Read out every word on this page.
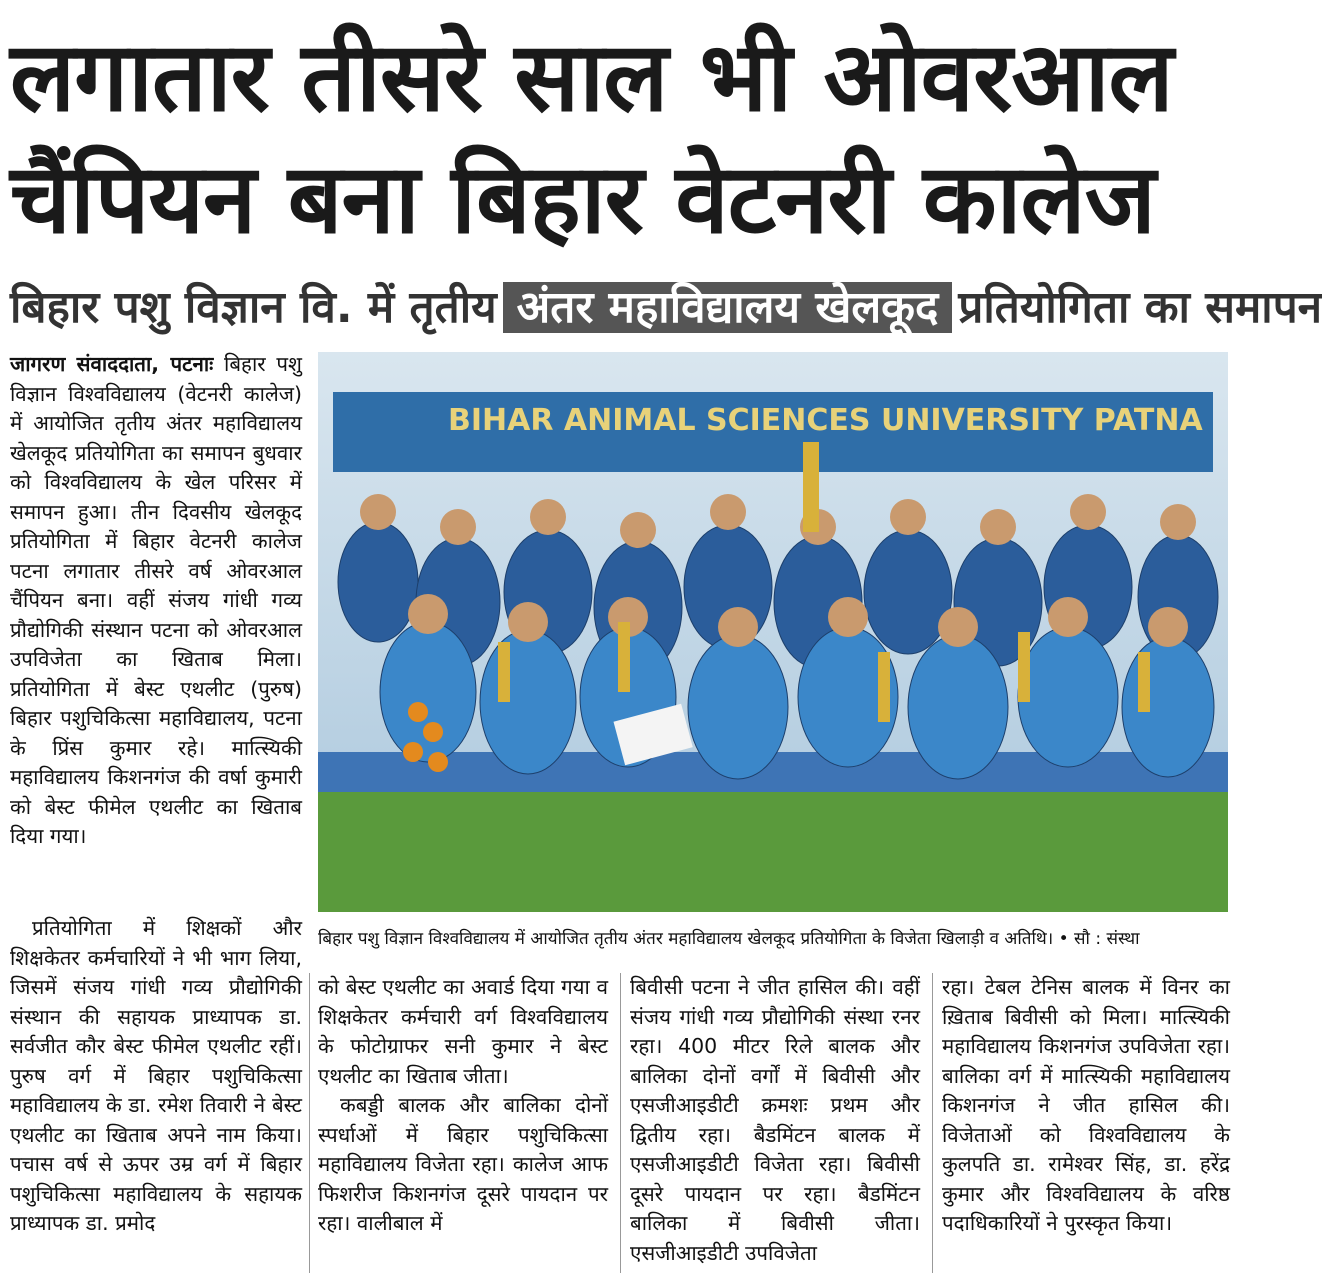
लगातार तीसरे साल भी ओवरआल
चैंपियन बना बिहार वेटनरी कालेज
बिहार पशु विज्ञान वि. में तृतीय अंतर महाविद्यालय खेलकूद प्रतियोगिता का समापन

जागरण संवाददाता, पटनाः बिहार पशु विज्ञान विश्वविद्यालय (वेटनरी कालेज) में आयोजित तृतीय अंतर महाविद्यालय खेलकूद प्रतियोगिता का समापन बुधवार को विश्वविद्यालय के खेल परिसर में समापन हुआ। तीन दिवसीय खेलकूद प्रतियोगिता में बिहार वेटनरी कालेज पटना लगातार तीसरे वर्ष ओवरआल चैंपियन बना। वहीं संजय गांधी गव्य प्रौद्योगिकी संस्थान पटना को ओवरआल उपविजेता का खिताब मिला। प्रतियोगिता में बेस्ट एथलीट (पुरुष) बिहार पशुचिकित्सा महाविद्यालय, पटना के प्रिंस कुमार रहे। मात्स्यिकी महाविद्यालय किशनगंज की वर्षा कुमारी को बेस्ट फीमेल एथलीट का खिताब दिया गया।

BIHAR ANIMAL SCIENCES UNIVERSITY PATNA
बिहार पशु विज्ञान विश्वविद्यालय में आयोजित तृतीय अंतर महाविद्यालय खेलकूद प्रतियोगिता के विजेता खिलाड़ी व अतिथि। • सौ : संस्था

प्रतियोगिता में शिक्षकों और शिक्षकेतर कर्मचारियों ने भी भाग लिया, जिसमें संजय गांधी गव्य प्रौद्योगिकी संस्थान की सहायक प्राध्यापक डा. सर्वजीत कौर बेस्ट फीमेल एथलीट रहीं। पुरुष वर्ग में बिहार पशुचिकित्सा महाविद्यालय के डा. रमेश तिवारी ने बेस्ट एथलीट का खिताब अपने नाम किया। पचास वर्ष से ऊपर उम्र वर्ग में बिहार पशुचिकित्सा महाविद्यालय के सहायक प्राध्यापक डा. प्रमोद

को बेस्ट एथलीट का अवार्ड दिया गया व शिक्षकेतर कर्मचारी वर्ग विश्वविद्यालय के फोटोग्राफर सनी कुमार ने बेस्ट एथलीट का खिताब जीता।

कबड्डी बालक और बालिका दोनों स्पर्धाओं में बिहार पशुचिकित्सा महाविद्यालय विजेता रहा। कालेज आफ फिशरीज किशनगंज दूसरे पायदान पर रहा। वालीबाल में

बिवीसी पटना ने जीत हासिल की। वहीं संजय गांधी गव्य प्रौद्योगिकी संस्था रनर रहा। 400 मीटर रिले बालक और बालिका दोनों वर्गों में बिवीसी और एसजीआइडीटी क्रमशः प्रथम और द्वितीय रहा। बैडमिंटन बालक में एसजीआइडीटी विजेता रहा। बिवीसी दूसरे पायदान पर रहा। बैडमिंटन बालिका में बिवीसी जीता। एसजीआइडीटी उपविजेता

रहा। टेबल टेनिस बालक में विनर का ख़िताब बिवीसी को मिला। मात्स्यिकी महाविद्यालय किशनगंज उपविजेता रहा। बालिका वर्ग में मात्स्यिकी महाविद्यालय किशनगंज ने जीत हासिल की। विजेताओं को विश्वविद्यालय के कुलपति डा. रामेश्वर सिंह, डा. हरेंद्र कुमार और विश्वविद्यालय के वरिष्ठ पदाधिकारियों ने पुरस्कृत किया।
